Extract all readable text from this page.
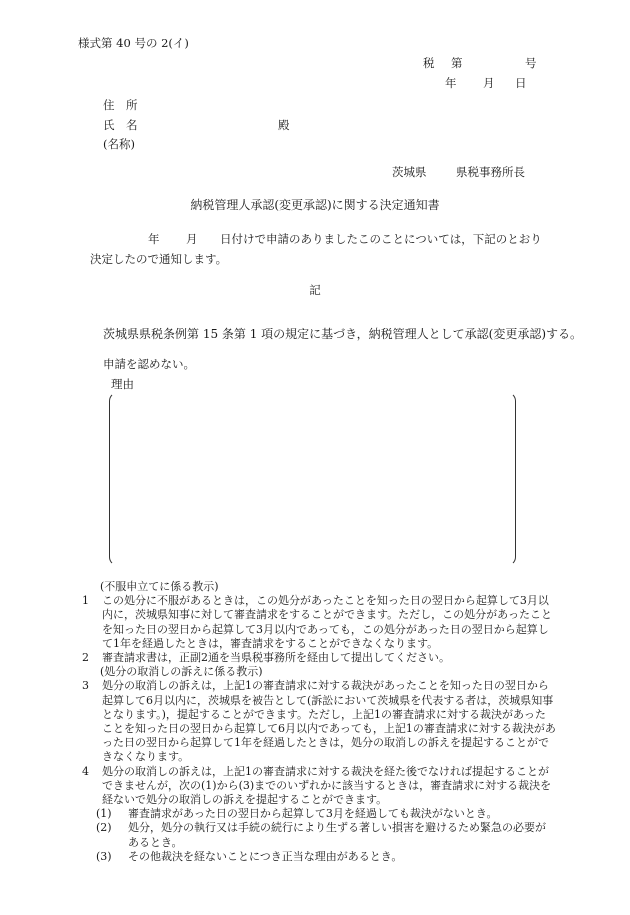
様式第 40 号の 2(イ)
税 第	号
年 月 日
住　所
氏　名	殿
(名称)
茨城県	県税事務所長
納税管理人承認(変更承認)に関する決定通知書
年 月 日付けで申請のありましたこのことについては，下記のとおり
決定したので通知します。
記
茨城県県税条例第 15 条第 1 項の規定に基づき，納税管理人として承認(変更承認)する。
申請を認めない。
理由
(不服申立てに係る教示)
1	この処分に不服があるときは，この処分があったことを知った日の翌日から起算して3月以内に，茨城県知事に対して審査請求をすることができます。ただし，この処分があったことを知った日の翌日から起算して3月以内であっても，この処分があった日の翌日から起算して1年を経過したときは，審査請求をすることができなくなります。
2	審査請求書は，正副2通を当県税事務所を経由して提出してください。
(処分の取消しの訴えに係る教示)
3	処分の取消しの訴えは，上記1の審査請求に対する裁決があったことを知った日の翌日から起算して6月以内に，茨城県を被告として(訴訟において茨城県を代表する者は，茨城県知事となります。)，提起することができます。ただし，上記1の審査請求に対する裁決があったことを知った日の翌日から起算して6月以内であっても，上記1の審査請求に対する裁決があった日の翌日から起算して1年を経過したときは，処分の取消しの訴えを提起することができなくなります。
4	処分の取消しの訴えは，上記1の審査請求に対する裁決を経た後でなければ提起することができませんが，次の(1)から(3)までのいずれかに該当するときは，審査請求に対する裁決を経ないで処分の取消しの訴えを提起することができます。
(1)	審査請求があった日の翌日から起算して3月を経過しても裁決がないとき。
(2)	処分，処分の執行又は手続の続行により生ずる著しい損害を避けるため緊急の必要があるとき。
(3)	その他裁決を経ないことにつき正当な理由があるとき。
